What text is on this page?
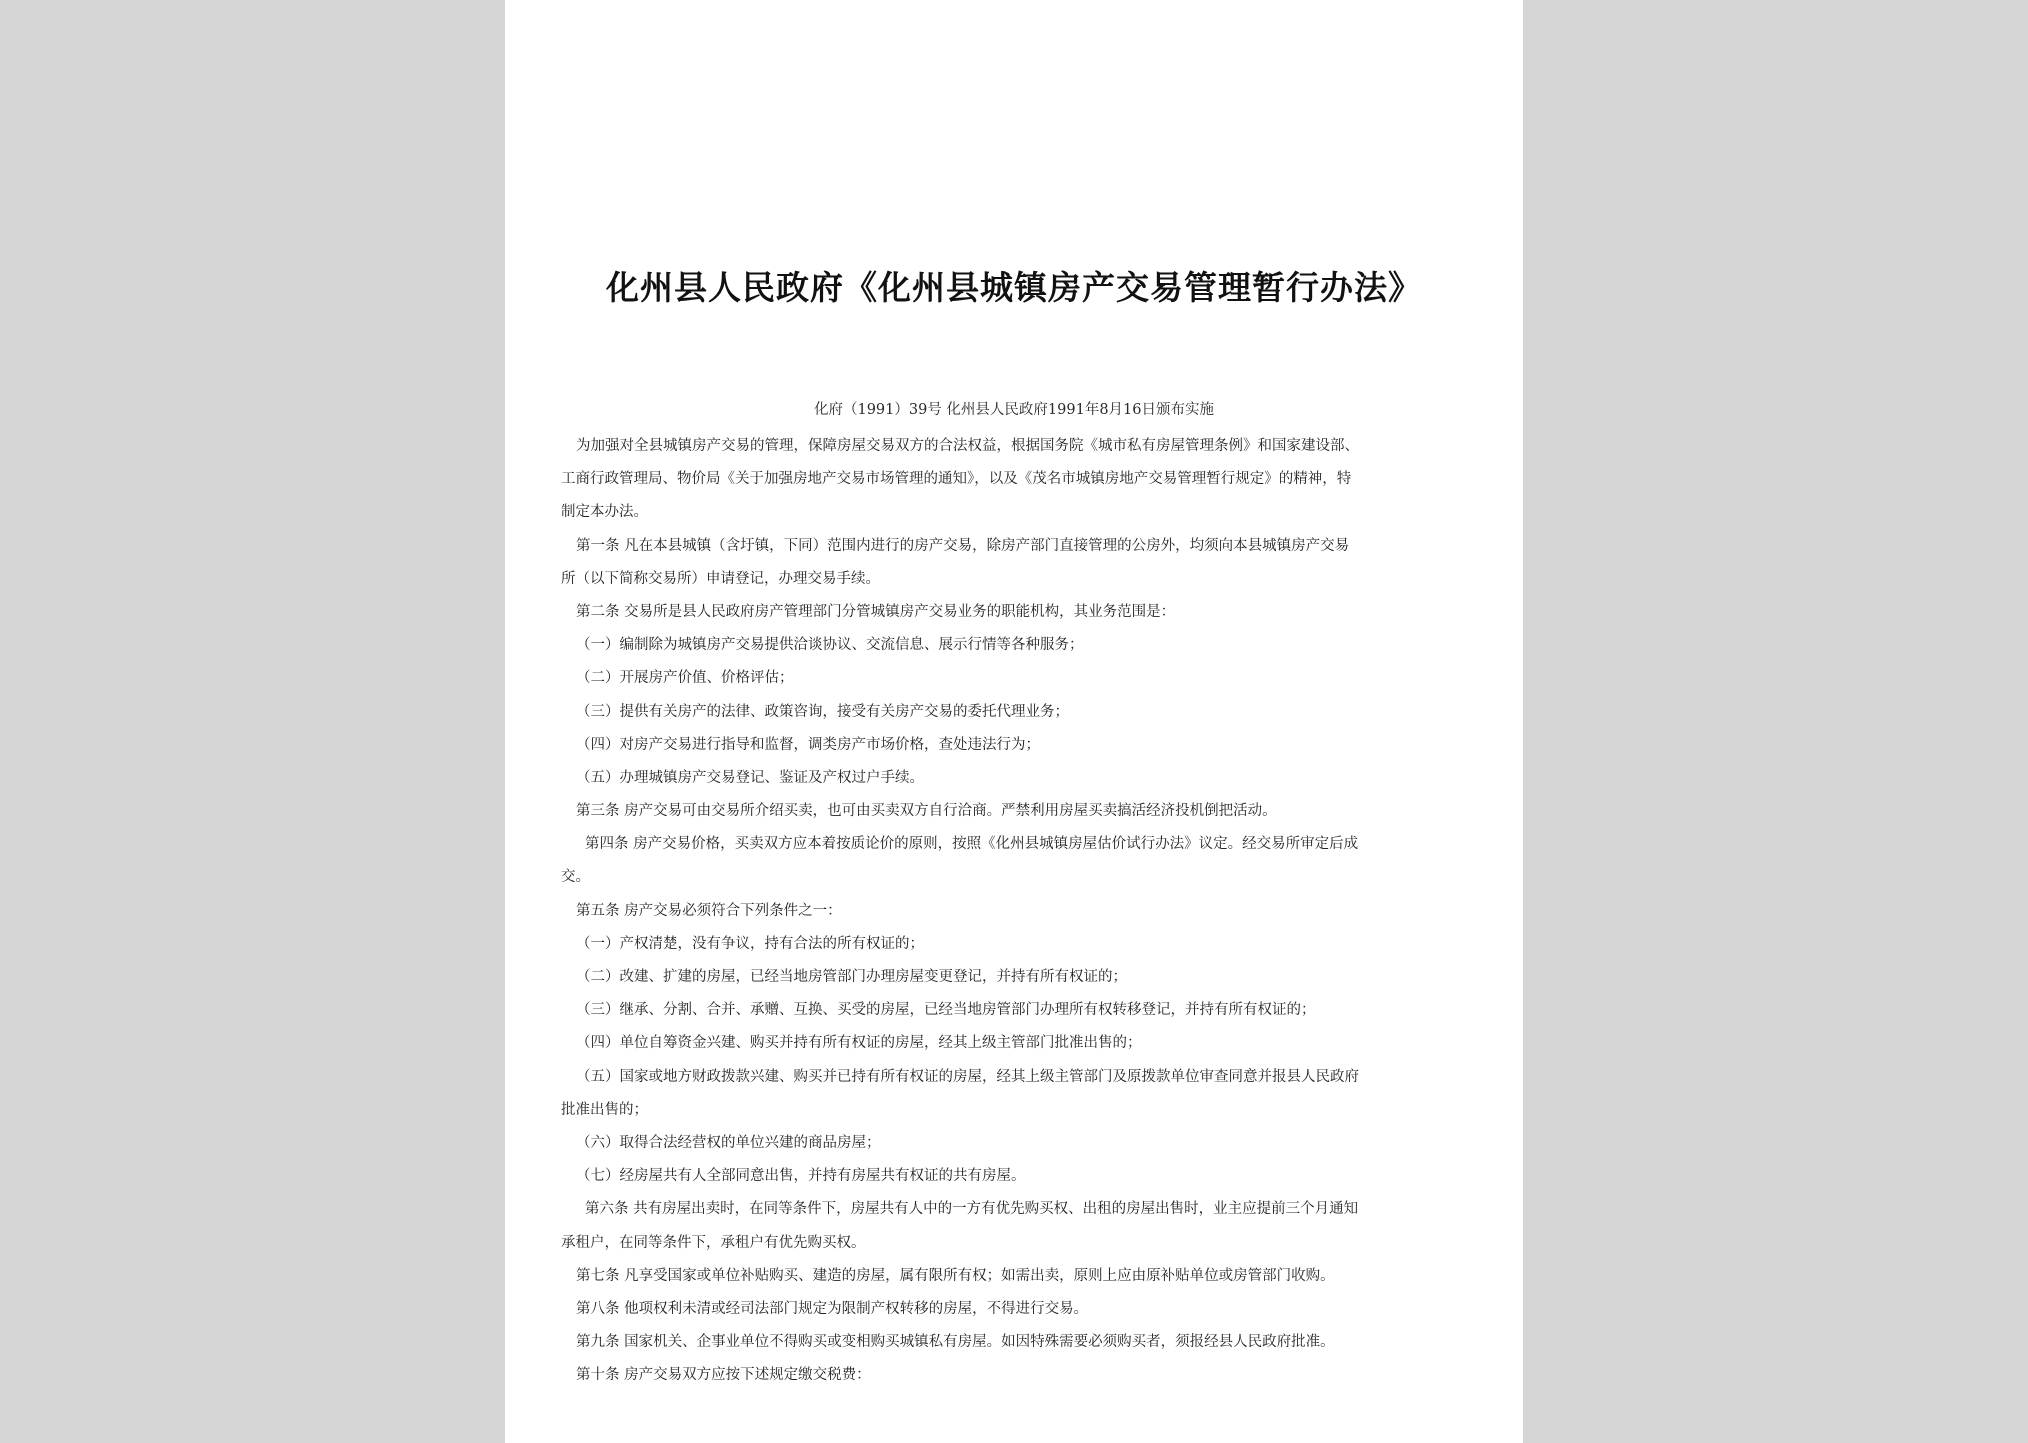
化州县人民政府《化州县城镇房产交易管理暂行办法》
化府（1991）39号 化州县人民政府1991年8月16日颁布实施
为加强对全县城镇房产交易的管理，保障房屋交易双方的合法权益，根据国务院《城市私有房屋管理条例》和国家建设部、
工商行政管理局、物价局《关于加强房地产交易市场管理的通知》，以及《茂名市城镇房地产交易管理暂行规定》的精神，特
制定本办法。
第一条 凡在本县城镇（含圩镇，下同）范围内进行的房产交易，除房产部门直接管理的公房外，均须向本县城镇房产交易
所（以下简称交易所）申请登记，办理交易手续。
第二条 交易所是县人民政府房产管理部门分管城镇房产交易业务的职能机构，其业务范围是：
（一）编制除为城镇房产交易提供洽谈协议、交流信息、展示行情等各种服务；
（二）开展房产价值、价格评估；
（三）提供有关房产的法律、政策咨询，接受有关房产交易的委托代理业务；
（四）对房产交易进行指导和监督，调类房产市场价格，查处违法行为；
（五）办理城镇房产交易登记、鉴证及产权过户手续。
第三条 房产交易可由交易所介绍买卖，也可由买卖双方自行洽商。严禁利用房屋买卖搞活经济投机倒把活动。
第四条 房产交易价格，买卖双方应本着按质论价的原则，按照《化州县城镇房屋估价试行办法》议定。经交易所审定后成
交。
第五条 房产交易必须符合下列条件之一：
（一）产权清楚，没有争议，持有合法的所有权证的；
（二）改建、扩建的房屋，已经当地房管部门办理房屋变更登记，并持有所有权证的；
（三）继承、分割、合并、承赠、互换、买受的房屋，已经当地房管部门办理所有权转移登记，并持有所有权证的；
（四）单位自筹资金兴建、购买并持有所有权证的房屋，经其上级主管部门批准出售的；
（五）国家或地方财政拨款兴建、购买并已持有所有权证的房屋，经其上级主管部门及原拨款单位审查同意并报县人民政府
批准出售的；
（六）取得合法经营权的单位兴建的商品房屋；
（七）经房屋共有人全部同意出售，并持有房屋共有权证的共有房屋。
第六条 共有房屋出卖时，在同等条件下，房屋共有人中的一方有优先购买权、出租的房屋出售时，业主应提前三个月通知
承租户，在同等条件下，承租户有优先购买权。
第七条 凡享受国家或单位补贴购买、建造的房屋，属有限所有权；如需出卖，原则上应由原补贴单位或房管部门收购。
第八条 他项权利未清或经司法部门规定为限制产权转移的房屋，不得进行交易。
第九条 国家机关、企事业单位不得购买或变相购买城镇私有房屋。如因特殊需要必须购买者，须报经县人民政府批准。
第十条 房产交易双方应按下述规定缴交税费：
